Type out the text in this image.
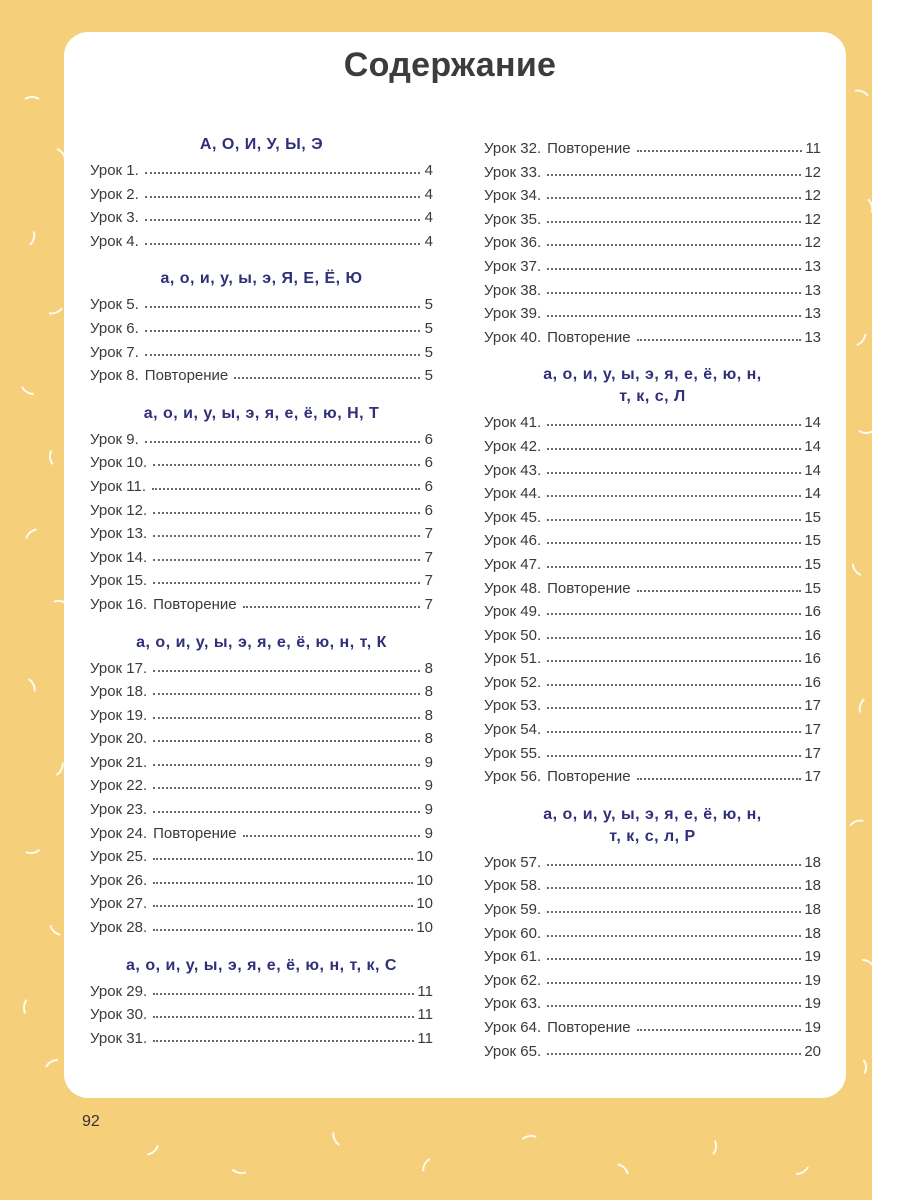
Содержание
А, О, И, У, Ы, Э
Урок 1.	4
Урок 2.	4
Урок 3.	4
Урок 4.	4
а, о, и, у, ы, э, Я, Е, Ё, Ю
Урок 5.	5
Урок 6.	5
Урок 7.	5
Урок 8. Повторение	5
а, о, и, у, ы, э, я, е, ё, ю, Н, Т
Урок 9.	6
Урок 10.	6
Урок 11.	6
Урок 12.	6
Урок 13.	7
Урок 14.	7
Урок 15.	7
Урок 16. Повторение	7
а, о, и, у, ы, э, я, е, ё, ю, н, т, К
Урок 17.	8
Урок 18.	8
Урок 19.	8
Урок 20.	8
Урок 21.	9
Урок 22.	9
Урок 23.	9
Урок 24. Повторение	9
Урок 25.	10
Урок 26.	10
Урок 27.	10
Урок 28.	10
а, о, и, у, ы, э, я, е, ё, ю, н, т, к, С
Урок 29.	11
Урок 30.	11
Урок 31.	11
Урок 32. Повторение	11
Урок 33.	12
Урок 34.	12
Урок 35.	12
Урок 36.	12
Урок 37.	13
Урок 38.	13
Урок 39.	13
Урок 40. Повторение	13
а, о, и, у, ы, э, я, е, ё, ю, н,
т, к, с, Л
Урок 41.	14
Урок 42.	14
Урок 43.	14
Урок 44.	14
Урок 45.	15
Урок 46.	15
Урок 47.	15
Урок 48. Повторение	15
Урок 49.	16
Урок 50.	16
Урок 51.	16
Урок 52.	16
Урок 53.	17
Урок 54.	17
Урок 55.	17
Урок 56. Повторение	17
а, о, и, у, ы, э, я, е, ё, ю, н,
т, к, с, л, Р
Урок 57.	18
Урок 58.	18
Урок 59.	18
Урок 60.	18
Урок 61.	19
Урок 62.	19
Урок 63.	19
Урок 64. Повторение	19
Урок 65.	20
92
